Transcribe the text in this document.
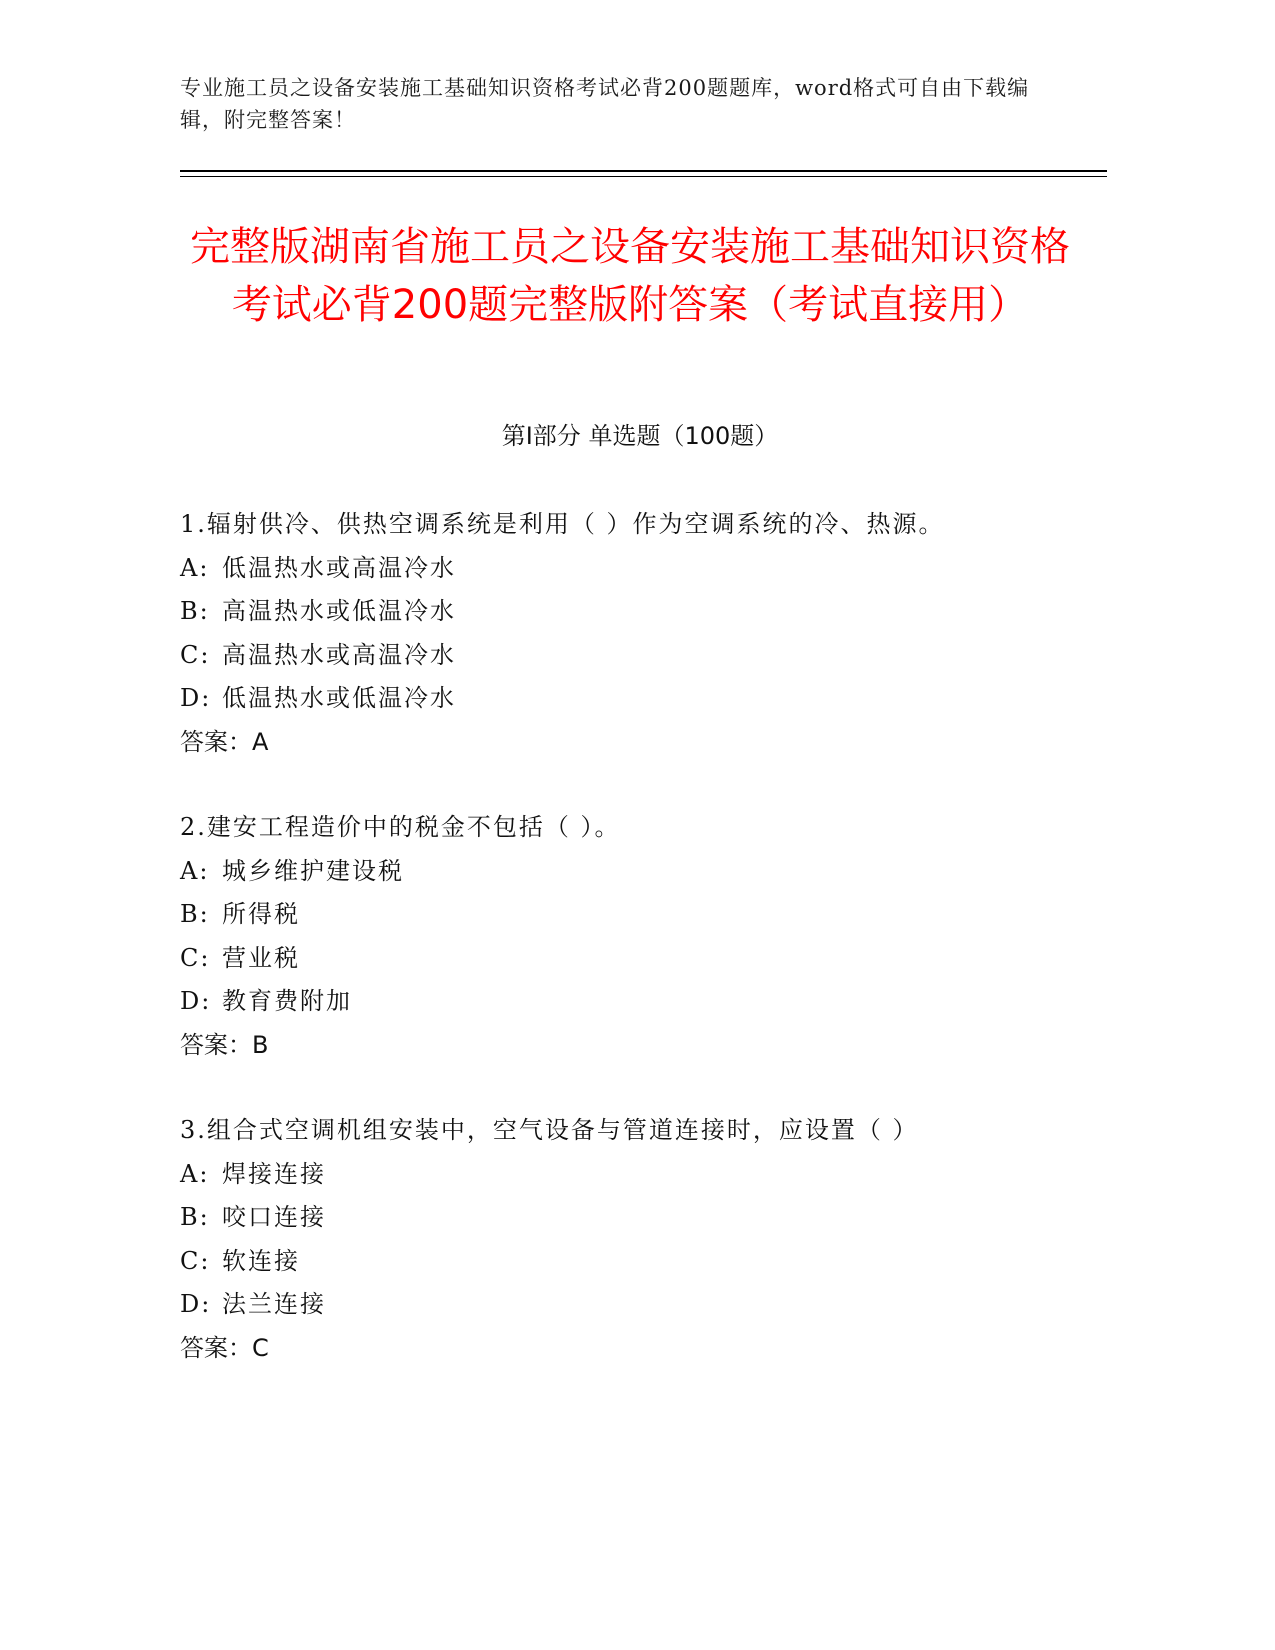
专业施工员之设备安装施工基础知识资格考试必背200题题库，word格式可自由下载编辑，附完整答案！
完整版湖南省施工员之设备安装施工基础知识资格考试必背200题完整版附答案（考试直接用）
第I部分 单选题（100题）
1.辐射供冷、供热空调系统是利用（ ）作为空调系统的冷、热源。
A: 低温热水或高温冷水
B: 高温热水或低温冷水
C: 高温热水或高温冷水
D: 低温热水或低温冷水
答案：A
2.建安工程造价中的税金不包括（ ）。
A: 城乡维护建设税
B: 所得税
C: 营业税
D: 教育费附加
答案：B
3.组合式空调机组安装中，空气设备与管道连接时，应设置（ ）
A: 焊接连接
B: 咬口连接
C: 软连接
D: 法兰连接
答案：C
